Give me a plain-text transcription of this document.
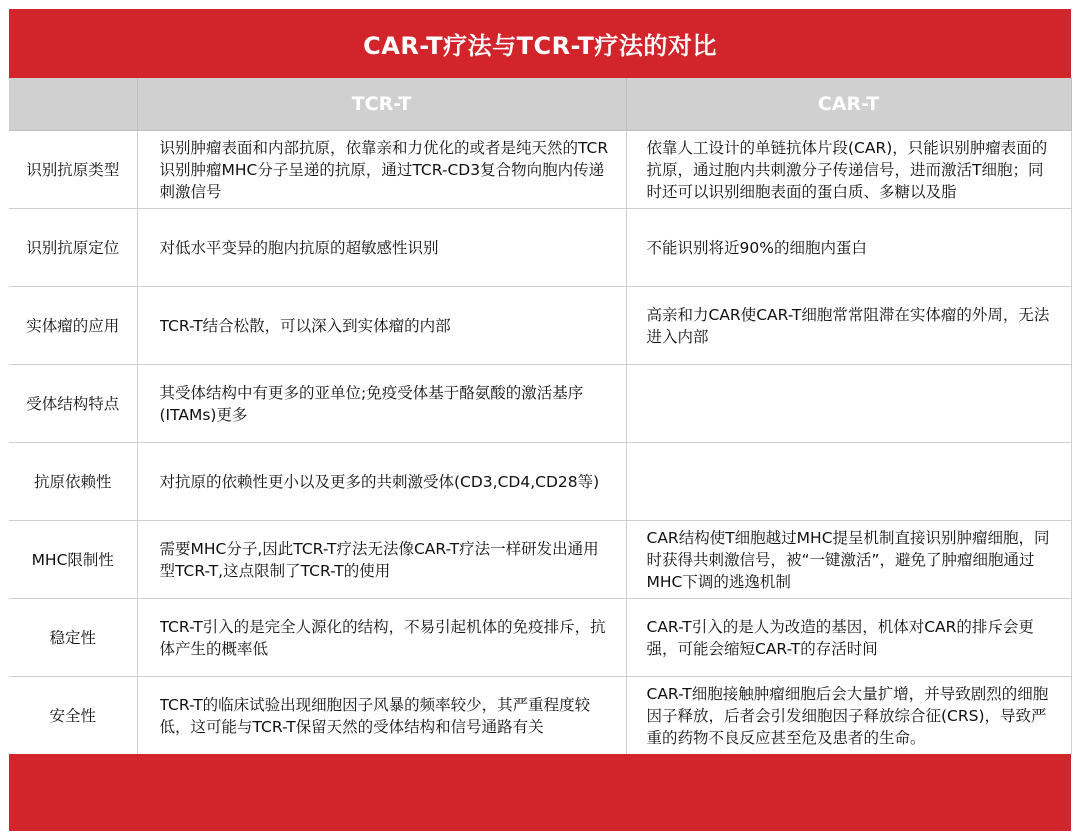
CAR-T疗法与TCR-T疗法的对比
	TCR-T	CAR-T
识别抗原类型	识别肿瘤表面和内部抗原，依靠亲和力优化的或者是纯天然的TCR识别肿瘤MHC分子呈递的抗原，通过TCR-CD3复合物向胞内传递刺激信号	依靠人工设计的单链抗体片段(CAR)，只能识别肿瘤表面的抗原，通过胞内共刺激分子传递信号，进而激活T细胞；同时还可以识别细胞表面的蛋白质、多糖以及脂

识别抗原定位	对低水平变异的胞内抗原的超敏感性识别	不能识别将近90%的细胞内蛋白

实体瘤的应用	TCR-T结合松散，可以深入到实体瘤的内部	高亲和力CAR使CAR-T细胞常常阻滞在实体瘤的外周，无法进入内部

受体结构特点	其受体结构中有更多的亚单位;免疫受体基于酪氨酸的激活基序(ITAMs)更多	

抗原依赖性	对抗原的依赖性更小以及更多的共刺激受体(CD3,CD4,CD28等)	

MHC限制性	需要MHC分子,因此TCR-T疗法无法像CAR-T疗法一样研发出通用型TCR-T,这点限制了TCR-T的使用	CAR结构使T细胞越过MHC提呈机制直接识别肿瘤细胞，同时获得共刺激信号，被“一键激活”，避免了肿瘤细胞通过MHC下调的逃逸机制

稳定性	TCR-T引入的是完全人源化的结构，不易引起机体的免疫排斥，抗体产生的概率低	CAR-T引入的是人为改造的基因，机体对CAR的排斥会更强，可能会缩短CAR-T的存活时间

安全性	TCR-T的临床试验出现细胞因子风暴的频率较少，其严重程度较低，这可能与TCR-T保留天然的受体结构和信号通路有关	CAR-T细胞接触肿瘤细胞后会大量扩增，并导致剧烈的细胞因子释放，后者会引发细胞因子释放综合征(CRS)，导致严重的药物不良反应甚至危及患者的生命。
